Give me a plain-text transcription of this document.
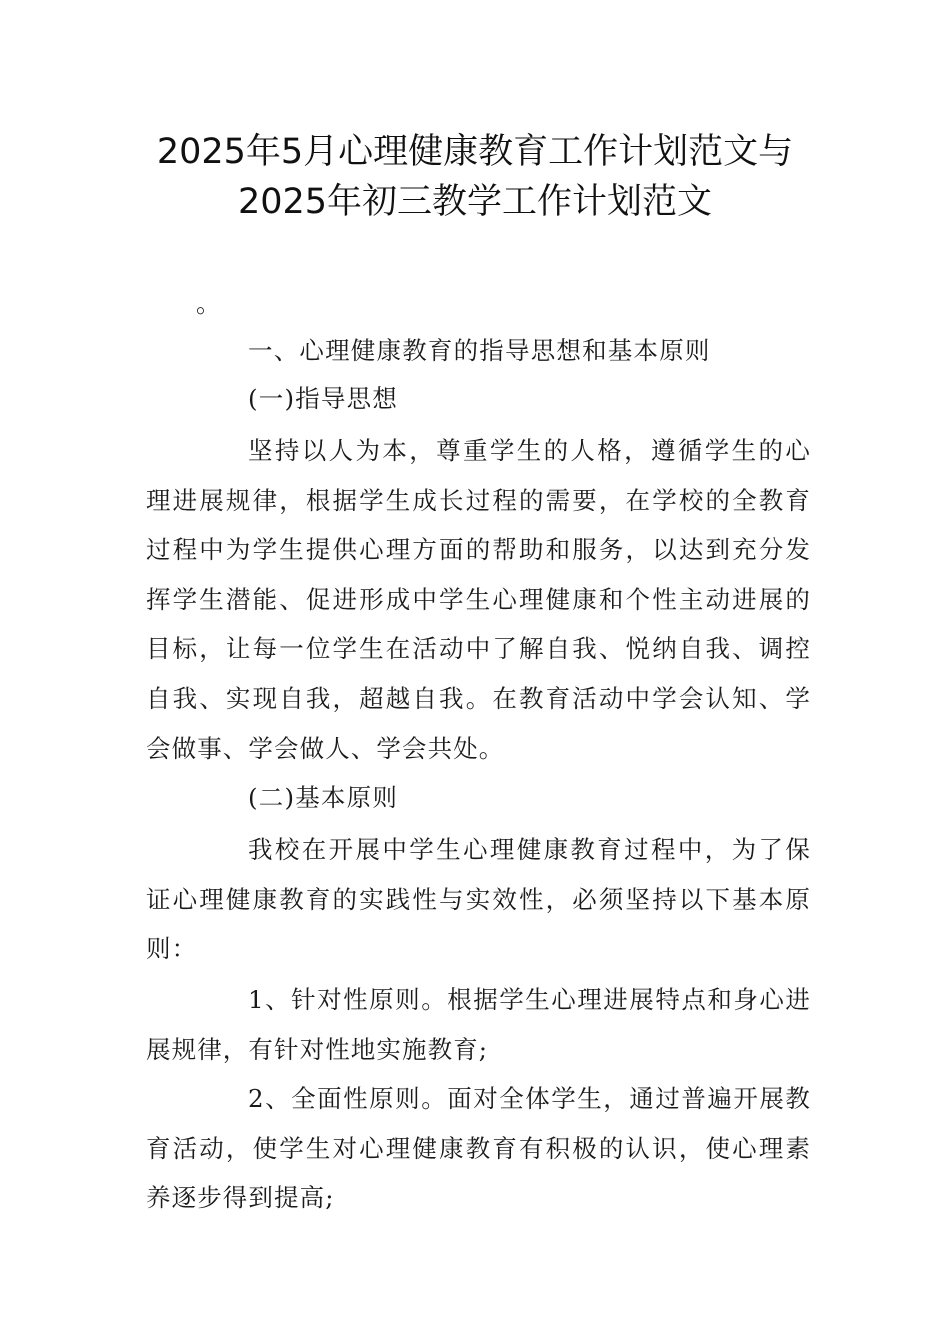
2025年5月心理健康教育工作计划范文与
2025年初三教学工作计划范文
。
一、心理健康教育的指导思想和基本原则
(一)指导思想

坚持以人为本，尊重学生的人格，遵循学生的心理进展规律，根据学生成长过程的需要，在学校的全教育过程中为学生提供心理方面的帮助和服务，以达到充分发挥学生潜能、促进形成中学生心理健康和个性主动进展的目标，让每一位学生在活动中了解自我、悦纳自我、调控自我、实现自我，超越自我。在教育活动中学会认知、学会做事、学会做人、学会共处。

(二)基本原则

我校在开展中学生心理健康教育过程中，为了保证心理健康教育的实践性与实效性，必须坚持以下基本原则：

1、针对性原则。根据学生心理进展特点和身心进展规律，有针对性地实施教育;

2、全面性原则。面对全体学生，通过普遍开展教育活动，使学生对心理健康教育有积极的认识，使心理素养逐步得到提高;
